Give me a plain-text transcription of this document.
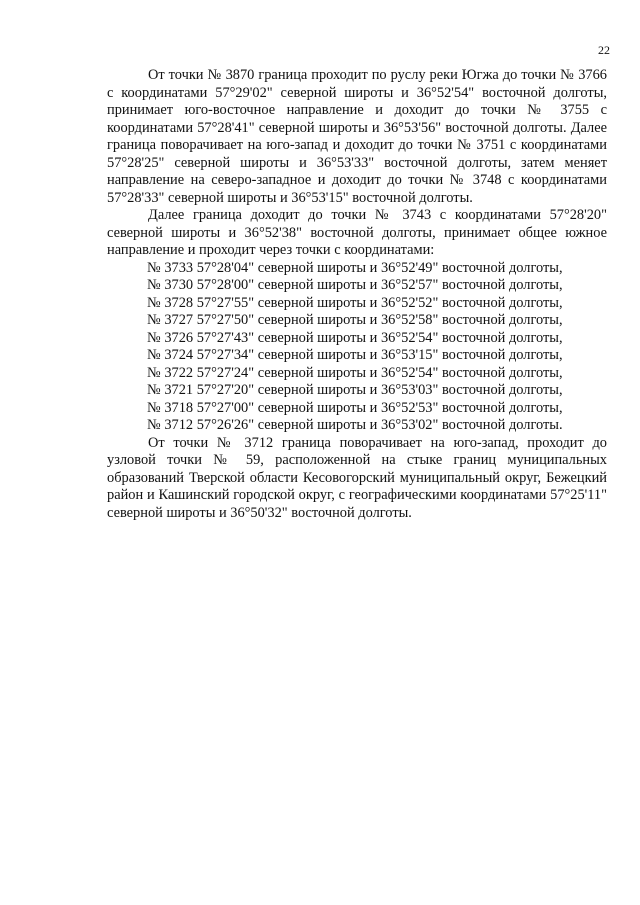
22

От точки № 3870 граница проходит по руслу реки Югжа до точки № 3766 с координатами 57°29'02" северной широты и 36°52'54" восточной долготы, принимает юго-восточное направление и доходит до точки № 3755 с координатами 57°28'41" северной широты и 36°53'56" восточной долготы. Далее граница поворачивает на юго-запад и доходит до точки № 3751 с координатами 57°28'25" северной широты и 36°53'33" восточной долготы, затем меняет направление на северо-западное и доходит до точки № 3748 с координатами 57°28'33" северной широты и 36°53'15" восточной долготы.

Далее граница доходит до точки № 3743 с координатами 57°28'20" северной широты и 36°52'38" восточной долготы, принимает общее южное направление и проходит через точки с координатами:

№ 3733 57°28'04" северной широты и 36°52'49" восточной долготы,
№ 3730 57°28'00" северной широты и 36°52'57" восточной долготы,
№ 3728 57°27'55" северной широты и 36°52'52" восточной долготы,
№ 3727 57°27'50" северной широты и 36°52'58" восточной долготы,
№ 3726 57°27'43" северной широты и 36°52'54" восточной долготы,
№ 3724 57°27'34" северной широты и 36°53'15" восточной долготы,
№ 3722 57°27'24" северной широты и 36°52'54" восточной долготы,
№ 3721 57°27'20" северной широты и 36°53'03" восточной долготы,
№ 3718 57°27'00" северной широты и 36°52'53" восточной долготы,
№ 3712 57°26'26" северной широты и 36°53'02" восточной долготы.

От точки № 3712 граница поворачивает на юго-запад, проходит до узловой точки № 59, расположенной на стыке границ муниципальных образований Тверской области Кесовогорский муниципальный округ, Бежецкий район и Кашинский городской округ, с географическими координатами 57°25'11" северной широты и 36°50'32" восточной долготы.
